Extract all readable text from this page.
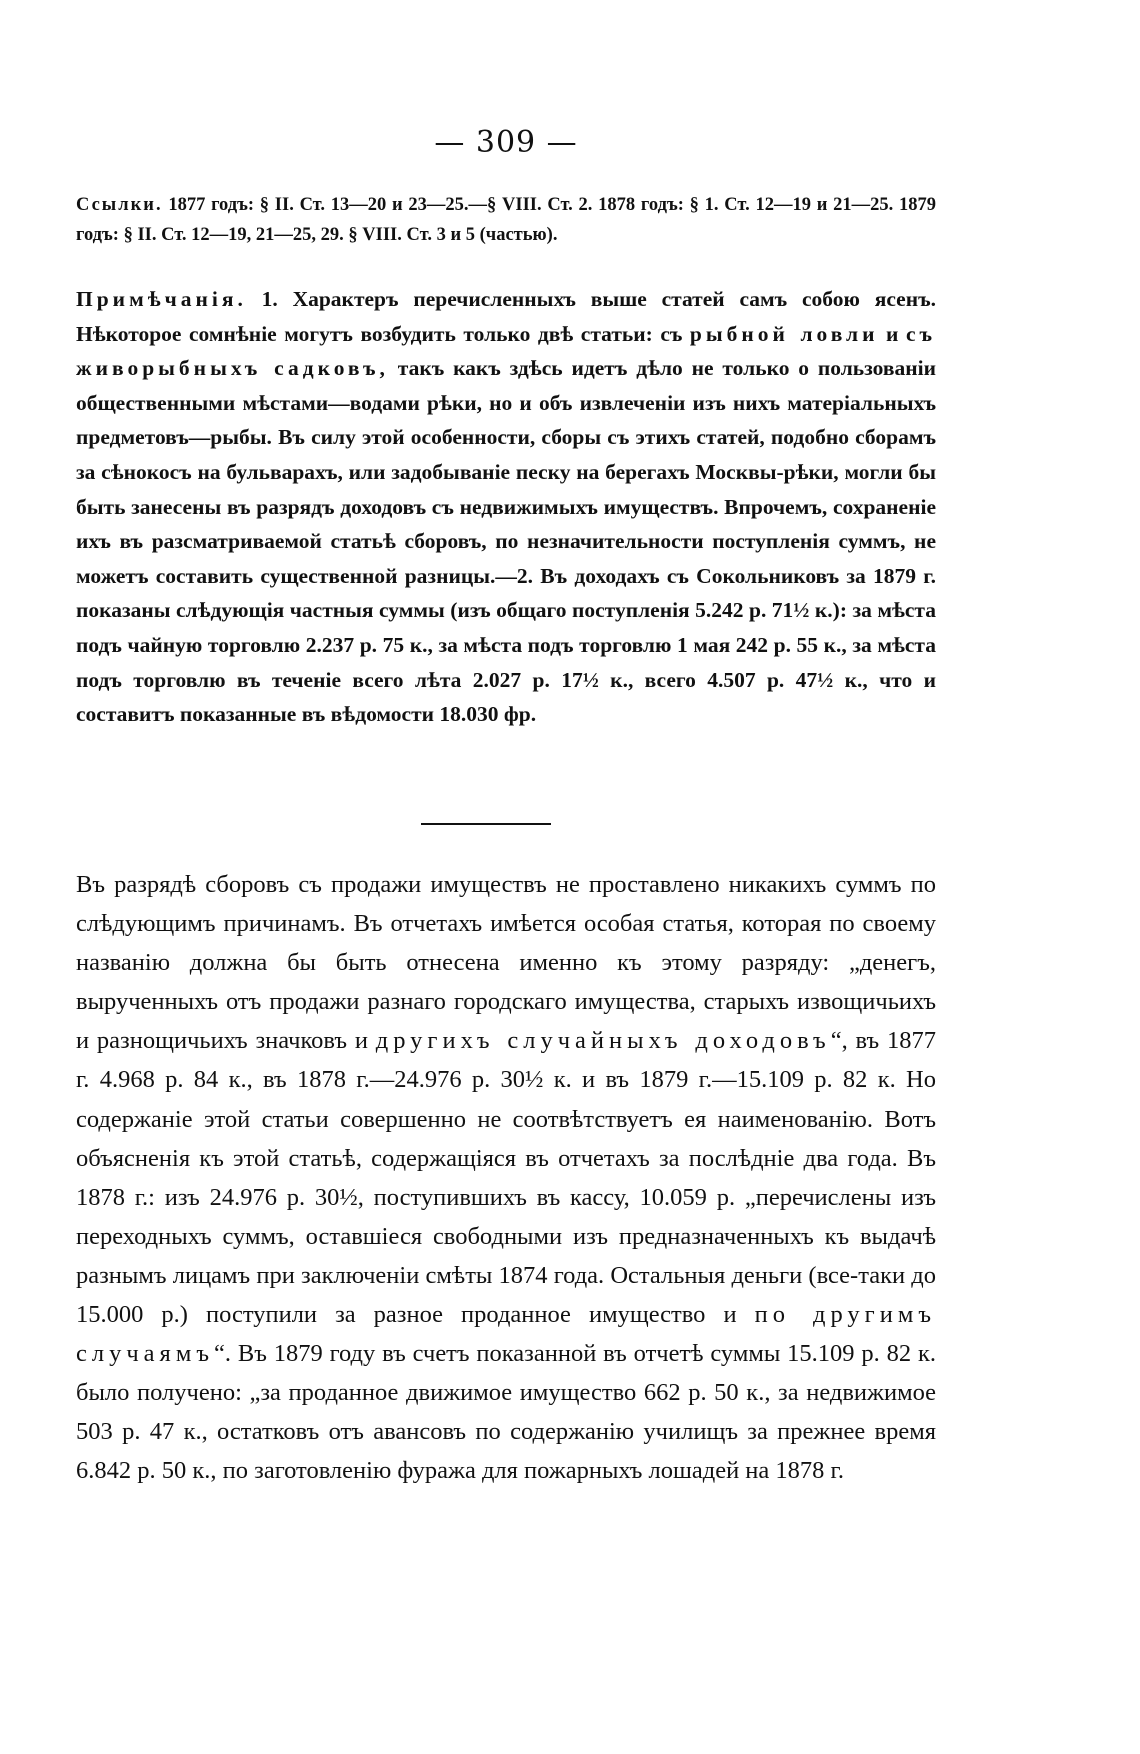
— 309 —
Ссылки. 1877 годъ: § II. Ст. 13—20 и 23—25.—§ VIII. Ст. 2. 1878 годъ: § 1. Ст. 12—19 и 21—25. 1879 годъ: § II. Ст. 12—19, 21—25, 29. § VIII. Ст. 3 и 5 (частью).
Примѣчанія. 1. Характеръ перечисленныхъ выше статей самъ собою ясенъ. Нѣкоторое сомнѣніе могутъ возбудить только двѣ статьи: съ рыбной ловли и съ живорыбныхъ садковъ, такъ какъ здѣсь идетъ дѣло не только о пользованіи общественными мѣстами—водами рѣки, но и объ извлеченіи изъ нихъ матеріальныхъ предметовъ—рыбы. Въ силу этой особенности, сборы съ этихъ статей, подобно сборамъ за сѣнокосъ на бульварахъ, или задобываніе песку на берегахъ Москвы-рѣки, могли бы быть занесены въ разрядъ доходовъ съ недвижимыхъ имуществъ. Впрочемъ, сохраненіе ихъ въ разсматриваемой статьѣ сборовъ, по незначительности поступленія суммъ, не можетъ составить существенной разницы.—2. Въ доходахъ съ Сокольниковъ за 1879 г. показаны слѣдующія частныя суммы (изъ общаго поступленія 5.242 р. 71½ к.): за мѣста подъ чайную торговлю 2.237 р. 75 к., за мѣста подъ торговлю 1 мая 242 р. 55 к., за мѣста подъ торговлю въ теченіе всего лѣта 2.027 р. 17½ к., всего 4.507 р. 47½ к., что и составитъ показанные въ вѣдомости 18.030 фр.

Въ разрядѣ сборовъ съ продажи имуществъ не проставлено никакихъ суммъ по слѣдующимъ причинамъ. Въ отчетахъ имѣется особая статья, которая по своему названію должна бы быть отнесена именно къ этому разряду: „денегъ, вырученныхъ отъ продажи разнаго городскаго имущества, старыхъ извощичьихъ и разнощичьихъ значковъ и другихъ случайныхъ доходовъ“, въ 1877 г. 4.968 р. 84 к., въ 1878 г.—24.976 р. 30½ к. и въ 1879 г.—15.109 р. 82 к. Но содержаніе этой статьи совершенно не соотвѣтствуетъ ея наименованію. Вотъ объясненія къ этой статьѣ, содержащіяся въ отчетахъ за послѣдніе два года. Въ 1878 г.: изъ 24.976 р. 30½, поступившихъ въ кассу, 10.059 р. „перечислены изъ переходныхъ суммъ, оставшіеся свободными изъ предназначенныхъ къ выдачѣ разнымъ лицамъ при заключеніи смѣты 1874 года. Остальныя деньги (все-таки до 15.000 р.) поступили за разное проданное имущество и по другимъ случаямъ“. Въ 1879 году въ счетъ показанной въ отчетѣ суммы 15.109 р. 82 к. было получено: „за проданное движимое имущество 662 р. 50 к., за недвижимое 503 р. 47 к., остатковъ отъ авансовъ по содержанію училищъ за прежнее время 6.842 р. 50 к., по заготовленію фуража для пожарныхъ лошадей на 1878 г.
